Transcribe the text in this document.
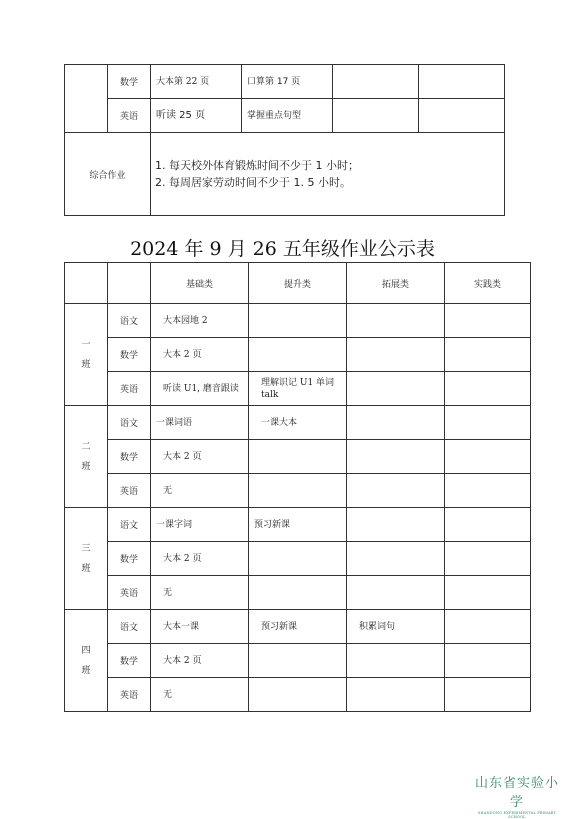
	数学	大本第 22 页	口算第 17 页		
	英语	听读 25 页	掌握重点句型		
综合作业		1. 每天校外体育锻炼时间不少于 1 小时；
2. 每周居家劳动时间不少于 1. 5 小时。			
2024 年 9 月 26 五年级作业公示表
		基础类	提升类	拓展类	实践类
一
班	语文	大本园地 2			
	数学	大本 2 页			
	英语	听读 U1, 磨音跟读	理解识记 U1 单词 talk		
二
班	语文	一课词语	一课大本		
	数学	大本 2 页			
	英语	无			
三
班	语文	一课字词	预习新课		
	数学	大本 2 页			
	英语	无			
四
班	语文	大本一课	预习新课	积累词句	
	数学	大本 2 页			
	英语	无			
山东省实验小学
SHANDONG EXPERIMENTAL PRIMARY SCHOOL
